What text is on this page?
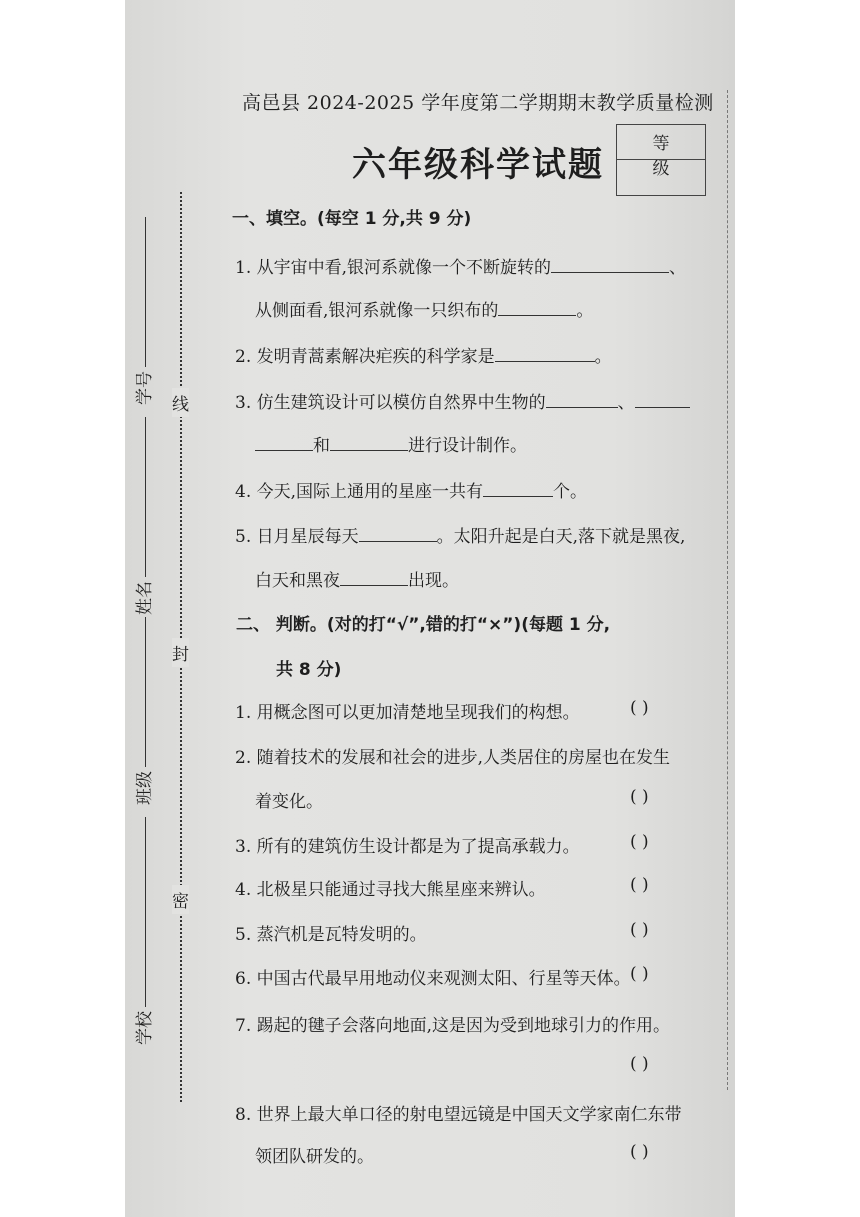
线
封
密
学号
姓名
班级
学校
高邑县 2024-2025 学年度第二学期期末教学质量检测
六年级科学试题
等 级
一、填空。(每空 1 分,共 9 分)
1. 从宇宙中看,银河系就像一个不断旋转的	、
从侧面看,银河系就像一只织布的	。
2. 发明青蒿素解决疟疾的科学家是	。
3. 仿生建筑设计可以模仿自然界中生物的	、
和	进行设计制作。
4. 今天,国际上通用的星座一共有	个。
5. 日月星辰每天	。太阳升起是白天,落下就是黑夜,
白天和黑夜	出现。
二、 判断。(对的打“√”,错的打“×”)(每题 1 分,
共 8 分)
1. 用概念图可以更加清楚地呈现我们的构想。	( )
2. 随着技术的发展和社会的进步,人类居住的房屋也在发生
着变化。	( )
3. 所有的建筑仿生设计都是为了提高承载力。	( )
4. 北极星只能通过寻找大熊星座来辨认。	( )
5. 蒸汽机是瓦特发明的。	( )
6. 中国古代最早用地动仪来观测太阳、行星等天体。 ( )
7. 踢起的毽子会落向地面,这是因为受到地球引力的作用。
( )
8. 世界上最大单口径的射电望远镜是中国天文学家南仁东带
领团队研发的。	( )
